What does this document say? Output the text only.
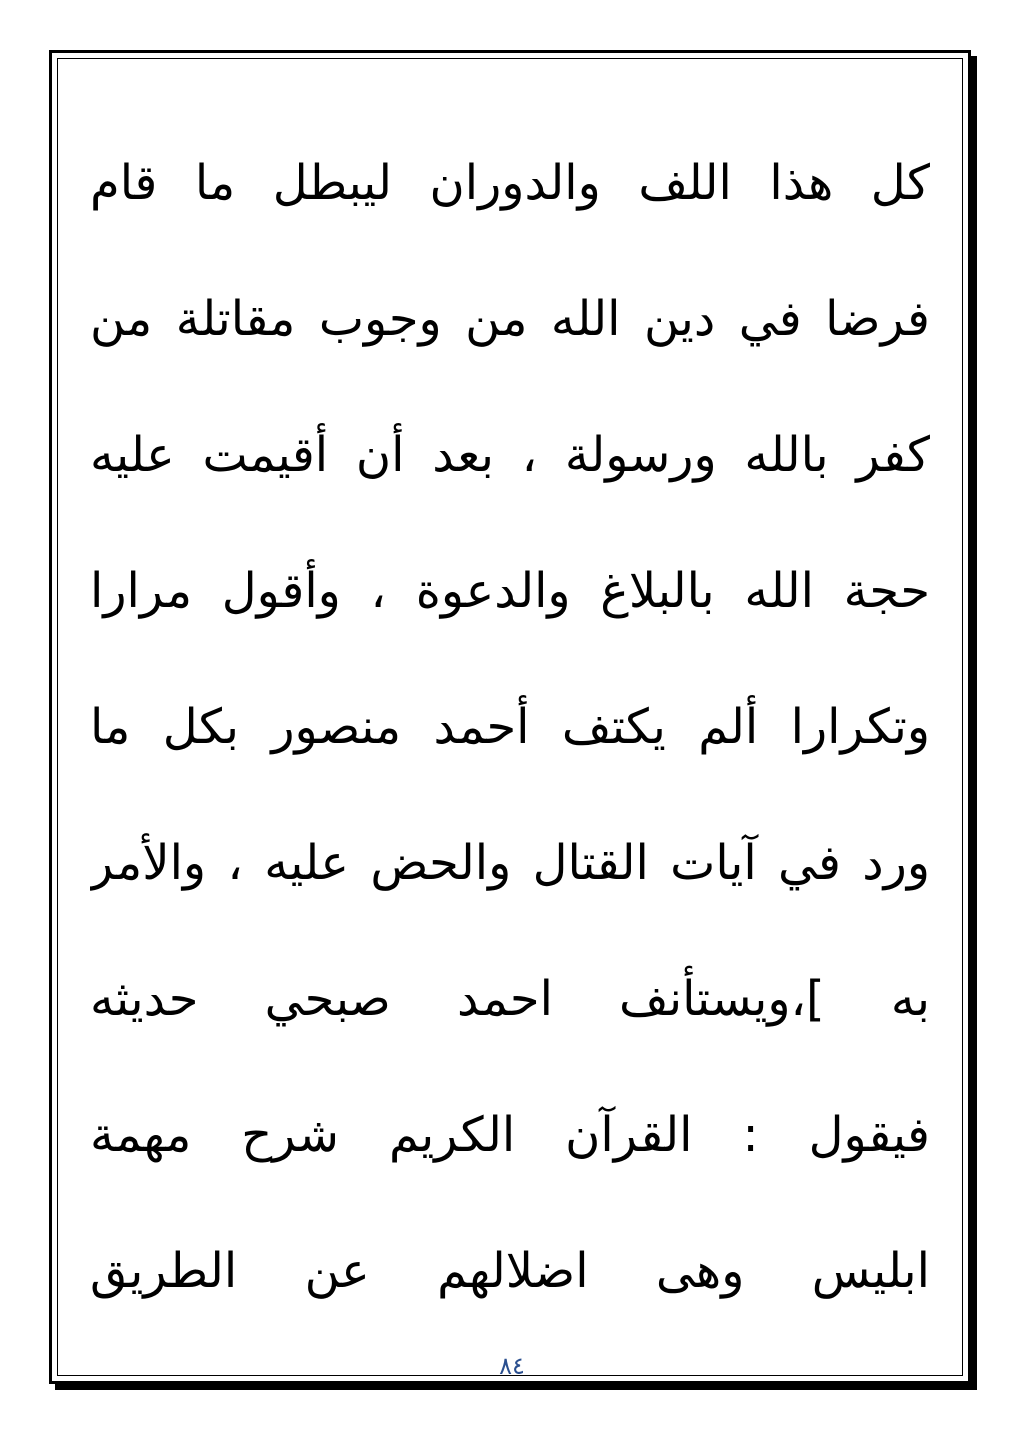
كل هذا اللف والدوران ليبطل ما قام
فرضا في دين الله من وجوب مقاتلة من
كفر بالله ورسولة ، بعد أن أقيمت عليه
حجة الله بالبلاغ والدعوة ، وأقول مرارا
وتكرارا ألم يكتف أحمد منصور بكل ما
ورد في آيات القتال والحض عليه ، والأمر
به ]،ويستأنف احمد صبحي حديثه
فيقول : القرآن الكريم شرح مهمة
ابليس وهى اضلالهم عن الطريق
٨٤
